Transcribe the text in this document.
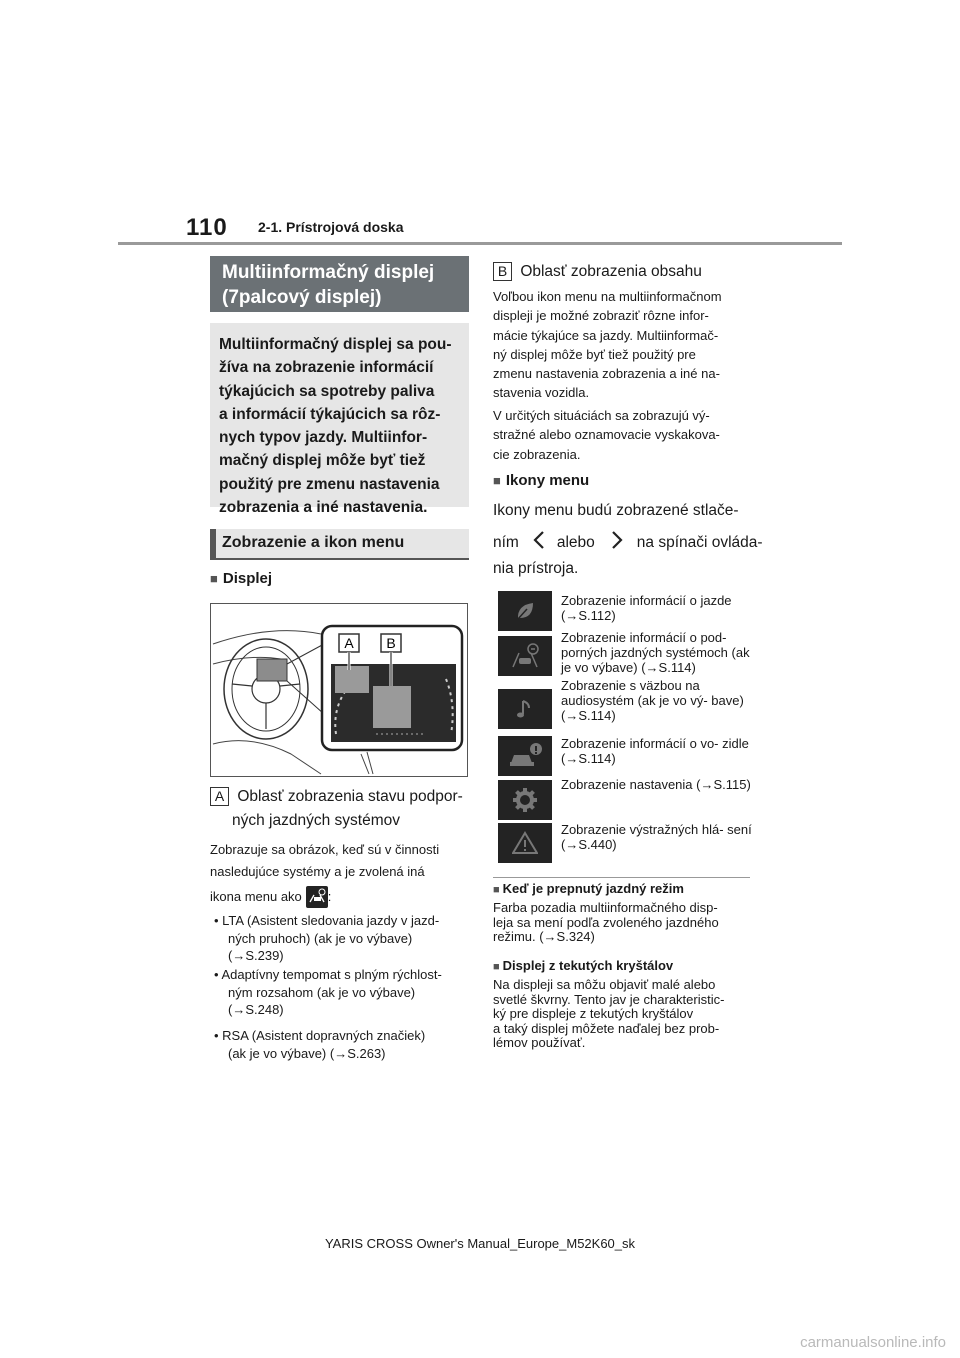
110 2-1. Prístrojová doska
Multiinformačný displej
(7palcový displej)
Multiinformačný displej sa pou-
žíva na zobrazenie informácií
týkajúcich sa spotreby paliva
a informácií týkajúcich sa rôz-
nych typov jazdy. Multiinfor-
mačný displej môže byť tiež
použitý pre zmenu nastavenia
zobrazenia a iné nastavenia.
Zobrazenie a ikon menu
■ Displej
A B
A Oblasť zobrazenia stavu podpor-
ných jazdných systémov
Zobrazuje sa obrázok, keď sú v činnosti
nasledujúce systémy a je zvolená iná
ikona menu ako :
• LTA (Asistent sledovania jazdy v jazd-
ných pruhoch) (ak je vo výbave)
(→S.239)
• Adaptívny tempomat s plným rýchlost-
ným rozsahom (ak je vo výbave)
(→S.248)
• RSA (Asistent dopravných značiek)
(ak je vo výbave) (→S.263)
B Oblasť zobrazenia obsahu
Voľbou ikon menu na multiinformačnom
displeji je možné zobraziť rôzne infor-
mácie týkajúce sa jazdy. Multiinformač-
ný displej môže byť tiež použitý pre
zmenu nastavenia zobrazenia a iné na-
stavenia vozidla.
V určitých situáciách sa zobrazujú vý-
stražné alebo oznamovacie vyskakova-
cie zobrazenia.
■ Ikony menu
Ikony menu budú zobrazené stlače-
ním alebo	na spínači ovláda-
nia prístroja.
Zobrazenie informácií o jazde (→S.112)
Zobrazenie informácií o pod- porných jazdných systémoch (ak je vo výbave) (→S.114)
Zobrazenie s väzbou na audiosystém (ak je vo vý- bave) (→S.114)
Zobrazenie informácií o vo- zidle (→S.114)
Zobrazenie nastavenia (→S.115)
Zobrazenie výstražných hlá- sení (→S.440)
■ Keď je prepnutý jazdný režim
Farba pozadia multiinformačného disp-
leja sa mení podľa zvoleného jazdného
režimu. (→S.324)
■ Displej z tekutých kryštálov
Na displeji sa môžu objaviť malé alebo
svetlé škvrny. Tento jav je charakteristic-
ký pre displeje z tekutých kryštálov
a taký displej môžete naďalej bez prob-
lémov používať.
YARIS CROSS Owner's Manual_Europe_M52K60_sk
carmanualsonline.info
